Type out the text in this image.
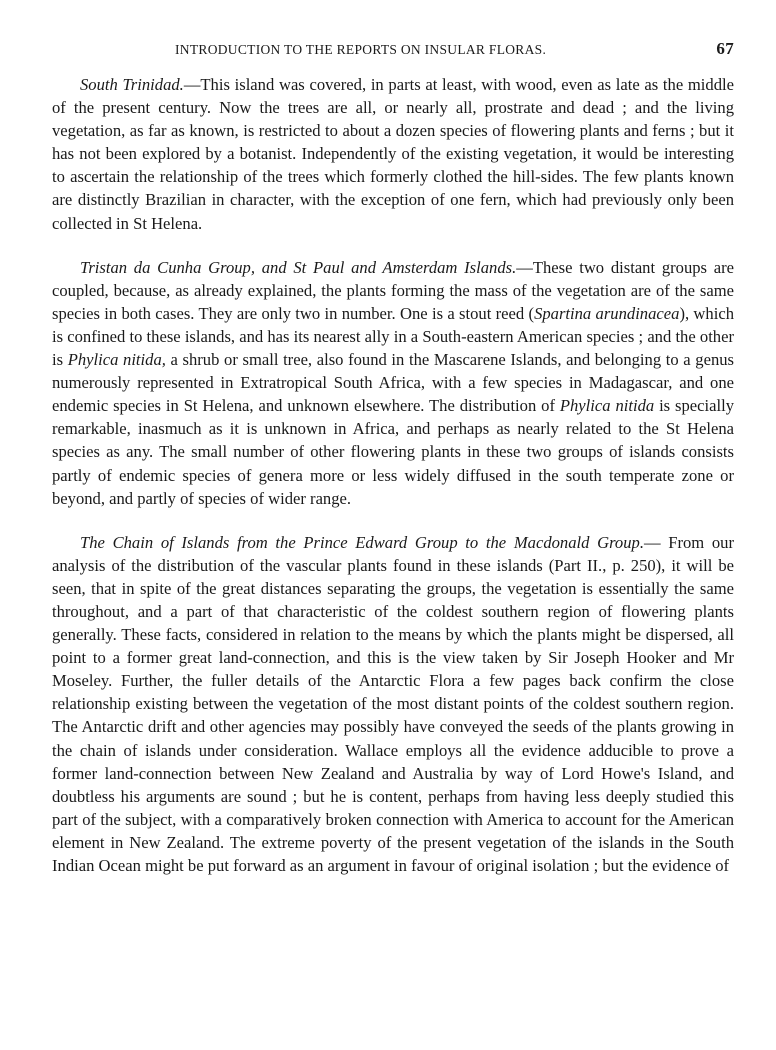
INTRODUCTION TO THE REPORTS ON INSULAR FLORAS.	67

South Trinidad.—This island was covered, in parts at least, with wood, even as late as the middle of the present century. Now the trees are all, or nearly all, prostrate and dead ; and the living vegetation, as far as known, is restricted to about a dozen species of flowering plants and ferns ; but it has not been explored by a botanist. Independently of the existing vegetation, it would be interesting to ascertain the relationship of the trees which formerly clothed the hill-sides. The few plants known are distinctly Brazilian in character, with the exception of one fern, which had previously only been collected in St Helena.

Tristan da Cunha Group, and St Paul and Amsterdam Islands.—These two distant groups are coupled, because, as already explained, the plants forming the mass of the vegetation are of the same species in both cases. They are only two in number. One is a stout reed (Spartina arundinacea), which is confined to these islands, and has its nearest ally in a South-eastern American species ; and the other is Phylica nitida, a shrub or small tree, also found in the Mascarene Islands, and belonging to a genus numerously represented in Extratropical South Africa, with a few species in Madagascar, and one endemic species in St Helena, and unknown elsewhere. The distribution of Phylica nitida is specially remarkable, inasmuch as it is unknown in Africa, and perhaps as nearly related to the St Helena species as any. The small number of other flowering plants in these two groups of islands consists partly of endemic species of genera more or less widely diffused in the south temperate zone or beyond, and partly of species of wider range.

The Chain of Islands from the Prince Edward Group to the Macdonald Group.— From our analysis of the distribution of the vascular plants found in these islands (Part II., p. 250), it will be seen, that in spite of the great distances separating the groups, the vegetation is essentially the same throughout, and a part of that characteristic of the coldest southern region of flowering plants generally. These facts, considered in relation to the means by which the plants might be dispersed, all point to a former great land-connection, and this is the view taken by Sir Joseph Hooker and Mr Moseley. Further, the fuller details of the Antarctic Flora a few pages back confirm the close relationship existing between the vegetation of the most distant points of the coldest southern region. The Antarctic drift and other agencies may possibly have conveyed the seeds of the plants growing in the chain of islands under consideration. Wallace employs all the evidence adducible to prove a former land-connection between New Zealand and Australia by way of Lord Howe's Island, and doubtless his arguments are sound ; but he is content, perhaps from having less deeply studied this part of the subject, with a comparatively broken connection with America to account for the American element in New Zealand. The extreme poverty of the present vegetation of the islands in the South Indian Ocean might be put forward as an argument in favour of original isolation ; but the evidence of
